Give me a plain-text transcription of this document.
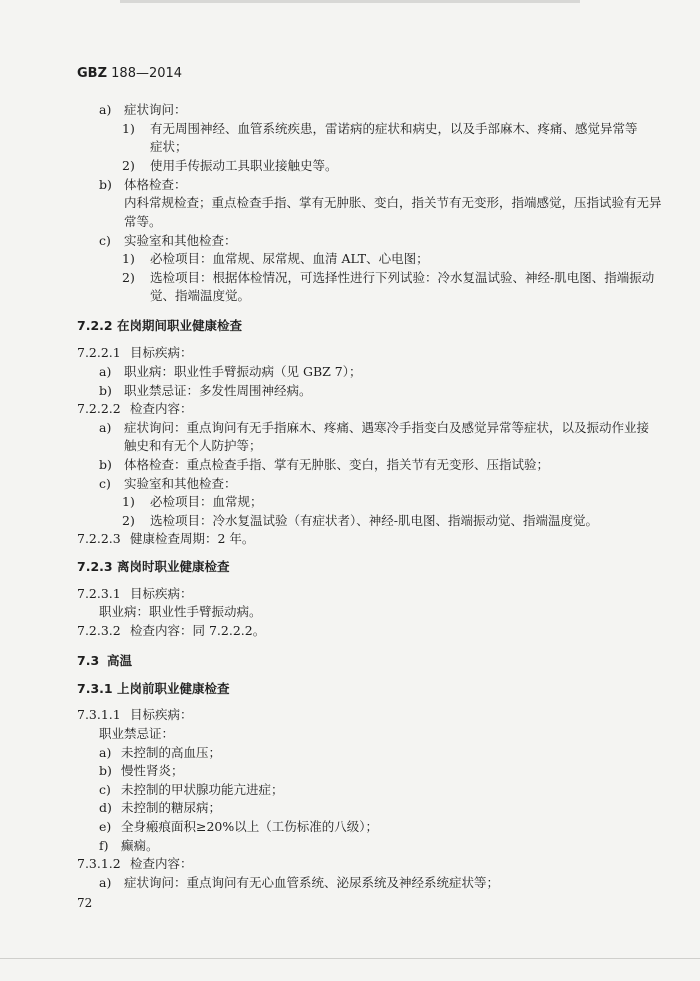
GBZ 188—2014
a) 症状询问：
1) 有无周围神经、血管系统疾患，雷诺病的症状和病史，以及手部麻木、疼痛、感觉异常等
症状；
2) 使用手传振动工具职业接触史等。
b) 体格检查：
内科常规检查；重点检查手指、掌有无肿胀、变白，指关节有无变形，指端感觉，压指试验有无异
常等。
c) 实验室和其他检查：
1) 必检项目：血常规、尿常规、血清 ALT、心电图；
2) 选检项目：根据体检情况，可选择性进行下列试验：冷水复温试验、神经-肌电图、指端振动
觉、指端温度觉。
7.2.2 在岗期间职业健康检查
7.2.2.1 目标疾病：
a) 职业病：职业性手臂振动病（见 GBZ 7）；
b) 职业禁忌证：多发性周围神经病。
7.2.2.2 检查内容：
a) 症状询问：重点询问有无手指麻木、疼痛、遇寒冷手指变白及感觉异常等症状，以及振动作业接
触史和有无个人防护等；
b) 体格检查：重点检查手指、掌有无肿胀、变白，指关节有无变形、压指试验；
c) 实验室和其他检查：
1) 必检项目：血常规；
2) 选检项目：冷水复温试验（有症状者）、神经-肌电图、指端振动觉、指端温度觉。
7.2.2.3 健康检查周期：2 年。
7.2.3 离岗时职业健康检查
7.2.3.1 目标疾病：
职业病：职业性手臂振动病。
7.2.3.2 检查内容：同 7.2.2.2。
7.3 高温
7.3.1 上岗前职业健康检查
7.3.1.1 目标疾病：
职业禁忌证：
a) 未控制的高血压；
b) 慢性肾炎；
c) 未控制的甲状腺功能亢进症；
d) 未控制的糖尿病；
e) 全身瘢痕面积≥20%以上（工伤标准的八级）；
f) 癫痫。
7.3.1.2 检查内容：
a) 症状询问：重点询问有无心血管系统、泌尿系统及神经系统症状等；
72
